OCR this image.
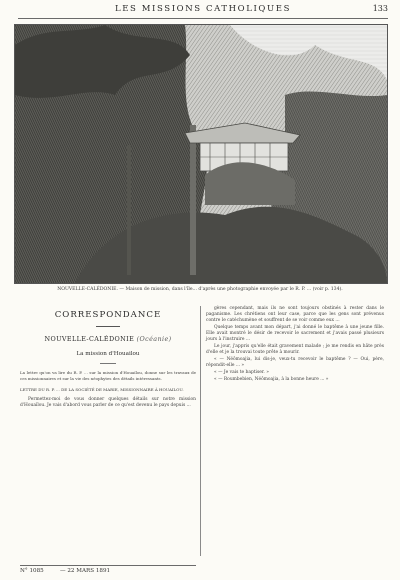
LES MISSIONS CATHOLIQUES	133
NOUVELLE-CALÉDONIE. — Maison de mission, dans l'île... d'après une photographie envoyée par le R. P. ... (voir p. 134).
CORRESPONDANCE
NOUVELLE-CALÉDONIE (Océanie)
La mission d'Houailou
La lettre qu'on va lire du R. P. ... sur la mission d'Houaïlou, donne sur les travaux de ces missionnaires et sur la vie des néophytes des détails intéressants.
LETTRE DU R. P. ... DE LA SOCIÉTÉ DE MARIE, MISSIONNAIRE À HOUAILOU.

Permettez-moi de vous donner quelques détails sur notre mission d'Houaïlou. Je vais d'abord vous parler de ce qu'est devenu le pays depuis ...

gères cependant, mais ils ne sont toujours obstinés à rester dans le paganisme. Les chrétiens ont leur case, parce que les gens sont prévenus contre le catéchumène et souffrent de se voir comme eux ...

Quelque temps avant mon départ, j'ai donné le baptême à une jeune fille. Elle avait montré le désir de recevoir le sacrement et j'avais passé plusieurs jours à l'instruire ...

Le jour, j'appris qu'elle était gravement malade ; je me rendis en hâte près d'elle et je la trouvai toute prête à mourir.

« — Néômoajia, lui dis-je, veux-tu recevoir le baptême ? — Oui, père, répondit-elle ... »

« — Je vais te baptiser. »

« — Roumbebien, Néômoajia, à la bonne heure ... »

N° 1085	— 22 MARS 1891
